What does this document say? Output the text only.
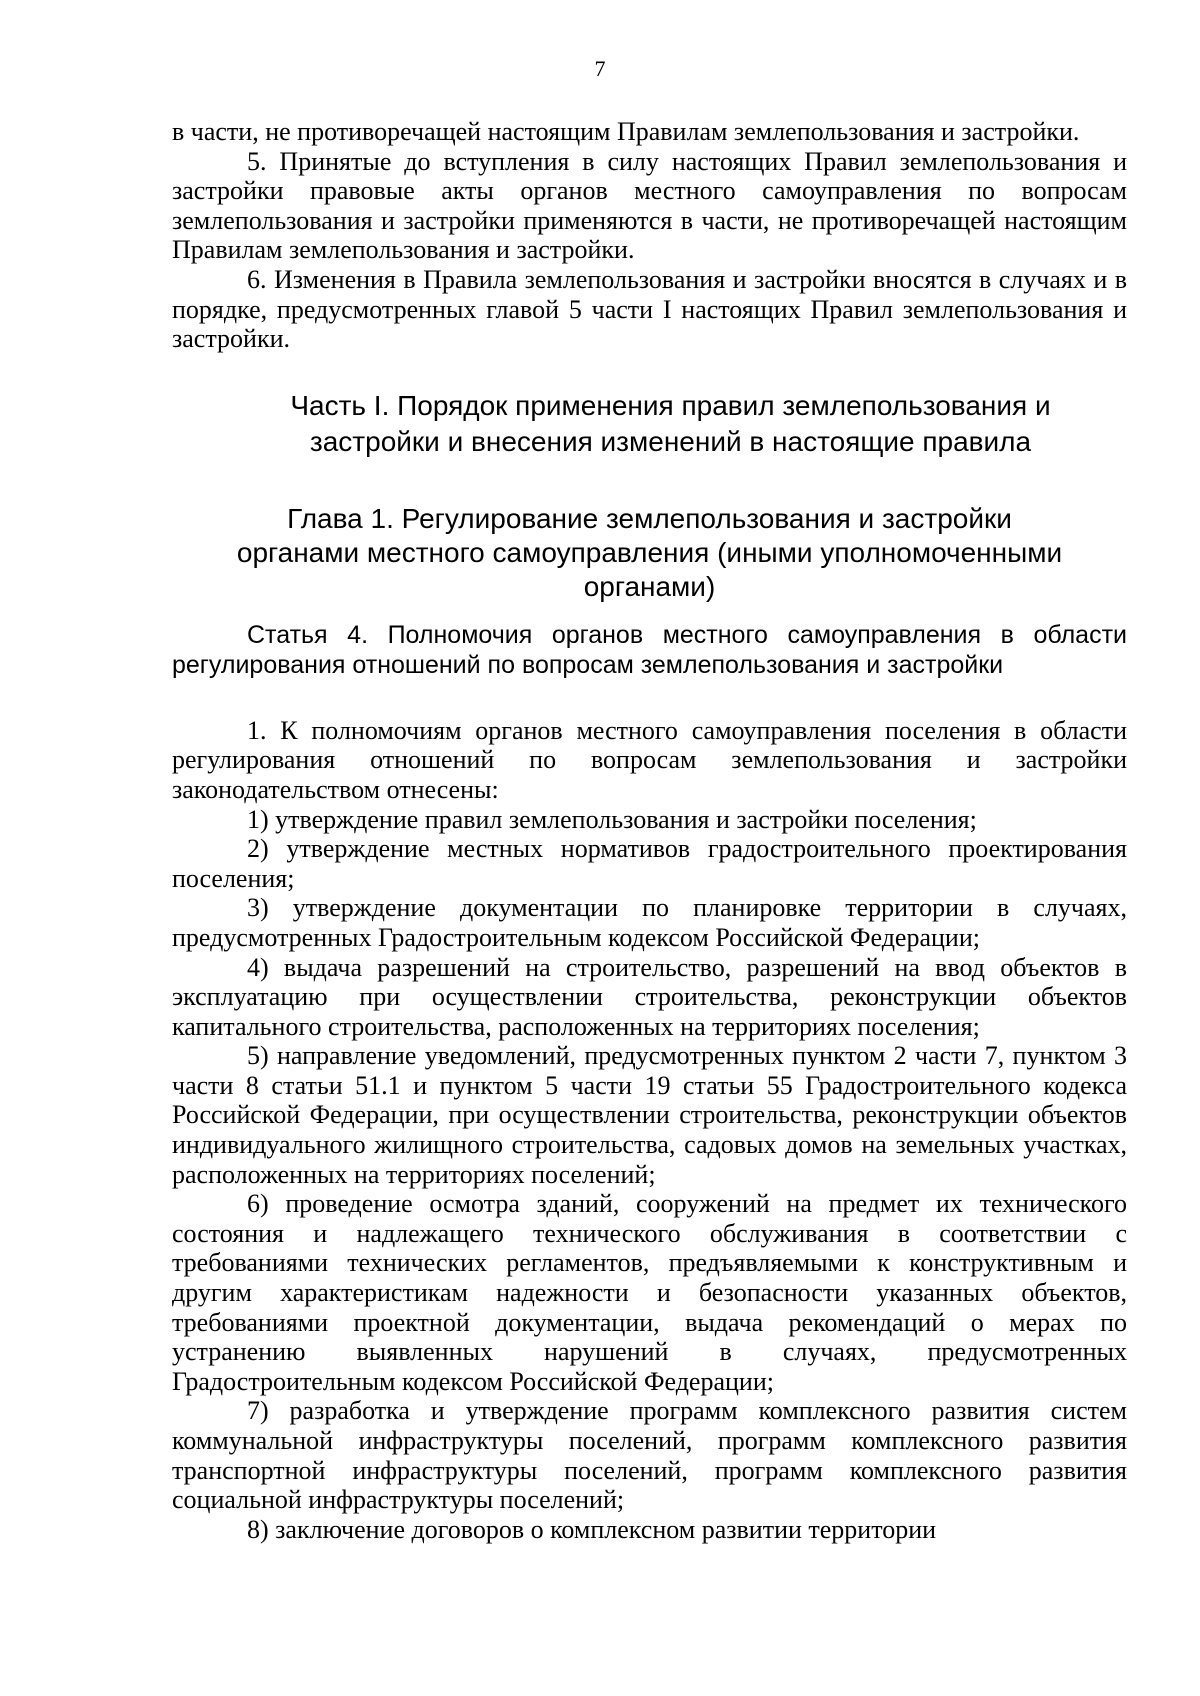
7

в части, не противоречащей настоящим Правилам землепользования и застройки.

5. Принятые до вступления в силу настоящих Правил землепользования и застройки правовые акты органов местного самоуправления по вопросам землепользования и застройки применяются в части, не противоречащей настоящим Правилам землепользования и застройки.

6. Изменения в Правила землепользования и застройки вносятся в случаях и в порядке, предусмотренных главой 5 части I настоящих Правил землепользования и застройки.

Часть I. Порядок применения правил землепользования и
застройки и внесения изменений в настоящие правила
Глава 1. Регулирование землепользования и застройки
органами местного самоуправления (иными уполномоченными
органами)

Статья 4. Полномочия органов местного самоуправления в области регулирования отношений по вопросам землепользования и застройки

1. К полномочиям органов местного самоуправления поселения в области регулирования отношений по вопросам землепользования и застройки законодательством отнесены:

1) утверждение правил землепользования и застройки поселения;

2) утверждение местных нормативов градостроительного проектирования поселения;

3) утверждение документации по планировке территории в случаях, предусмотренных Градостроительным кодексом Российской Федерации;

4) выдача разрешений на строительство, разрешений на ввод объектов в эксплуатацию при осуществлении строительства, реконструкции объектов капитального строительства, расположенных на территориях поселения;

5) направление уведомлений, предусмотренных пунктом 2 части 7, пунктом 3 части 8 статьи 51.1 и пунктом 5 части 19 статьи 55 Градостроительного кодекса Российской Федерации, при осуществлении строительства, реконструкции объектов индивидуального жилищного строительства, садовых домов на земельных участках, расположенных на территориях поселений;

6) проведение осмотра зданий, сооружений на предмет их технического состояния и надлежащего технического обслуживания в соответствии с требованиями технических регламентов, предъявляемыми к конструктивным и другим характеристикам надежности и безопасности указанных объектов, требованиями проектной документации, выдача рекомендаций о мерах по устранению выявленных нарушений в случаях, предусмотренных Градостроительным кодексом Российской Федерации;

7) разработка и утверждение программ комплексного развития систем коммунальной инфраструктуры поселений, программ комплексного развития транспортной инфраструктуры поселений, программ комплексного развития социальной инфраструктуры поселений;

8) заключение договоров о комплексном развитии территории
